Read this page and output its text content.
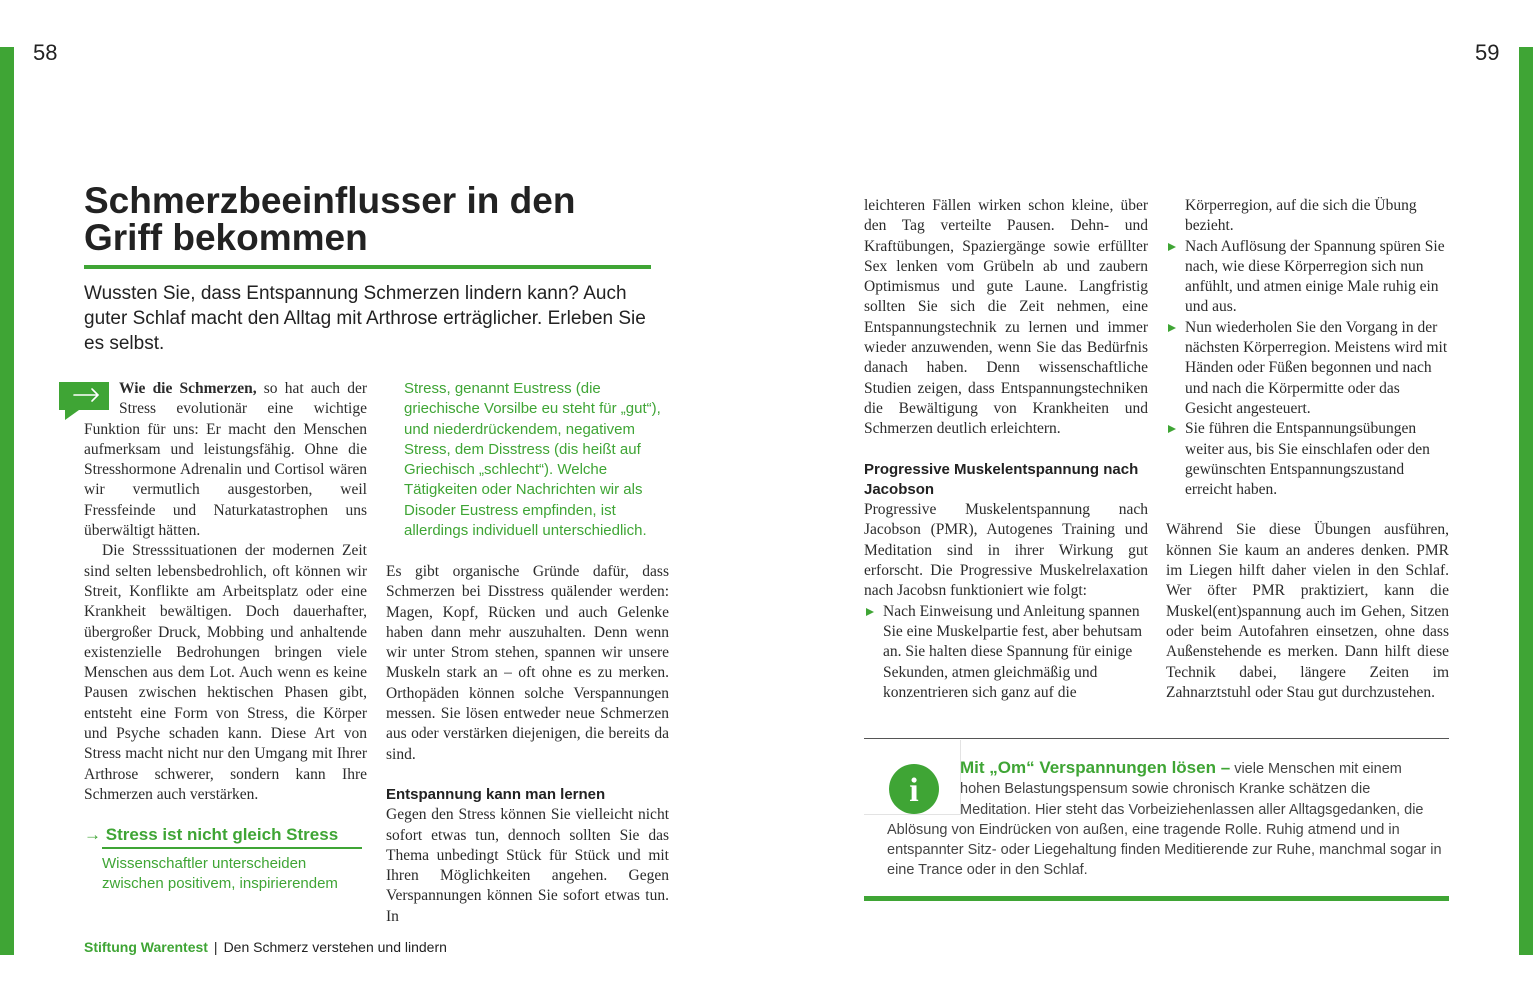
58	59
Schmerzbeeinflusser in den
Griff bekommen
Wussten Sie, dass Entspannung Schmerzen lindern kann? Auch guter Schlaf macht den Alltag mit Arthrose erträglicher. Erleben Sie es selbst.

Wie die Schmerzen, so hat auch der Stress evolutionär eine wichtige Funktion für uns: Er macht den Menschen aufmerksam und leistungsfähig. Ohne die Stresshormone Adrenalin und Cortisol wären wir vermutlich ausgestorben, weil Fressfeinde und Naturkatastrophen uns überwältigt hätten.

Die Stresssituationen der modernen Zeit sind selten lebensbedrohlich, oft können wir Streit, Konflikte am Arbeitsplatz oder eine Krankheit bewältigen. Doch dauerhafter, übergroßer Druck, Mobbing und anhaltende existenzielle Bedrohungen bringen viele Menschen aus dem Lot. Auch wenn es keine Pausen zwischen hektischen Phasen gibt, entsteht eine Form von Stress, die Körper und Psyche schaden kann. Diese Art von Stress macht nicht nur den Umgang mit Ihrer Arthrose schwerer, sondern kann Ihre Schmerzen auch verstärken.

→ Stress ist nicht gleich Stress
Wissenschaftler unterscheiden zwischen positivem, inspirierendem
Stress, genannt Eustress (die griechische Vorsilbe eu steht für „gut“), und niederdrückendem, negativem Stress, dem Disstress (dis heißt auf Griechisch „schlecht“). Welche Tätigkeiten oder Nachrichten wir als Disoder Eustress empfinden, ist allerdings individuell unterschiedlich.

Es gibt organische Gründe dafür, dass Schmerzen bei Disstress quälender werden: Magen, Kopf, Rücken und auch Gelenke haben dann mehr auszuhalten. Denn wenn wir unter Strom stehen, spannen wir unsere Muskeln stark an – oft ohne es zu merken. Orthopäden können solche Verspannungen messen. Sie lösen entweder neue Schmerzen aus oder verstärken diejenigen, die bereits da sind.

Entspannung kann man lernen

Gegen den Stress können Sie vielleicht nicht sofort etwas tun, dennoch sollten Sie das Thema unbedingt Stück für Stück und mit Ihren Möglichkeiten angehen. Gegen Verspannungen können Sie sofort etwas tun. In

leichteren Fällen wirken schon kleine, über den Tag verteilte Pausen. Dehn- und Kraftübungen, Spaziergänge sowie erfüllter Sex lenken vom Grübeln ab und zaubern Optimismus und gute Laune. Langfristig sollten Sie sich die Zeit nehmen, eine Entspannungstechnik zu lernen und immer wieder anzuwenden, wenn Sie das Bedürfnis danach haben. Denn wissenschaftliche Studien zeigen, dass Entspannungstechniken die Bewältigung von Krankheiten und Schmerzen deutlich erleichtern.

Progressive Muskelentspannung nach Jacobson

Progressive Muskelentspannung nach Jacobson (PMR), Autogenes Training und Meditation sind in ihrer Wirkung gut erforscht. Die Progressive Muskelrelaxation nach Jacobsn funktioniert wie folgt:

Nach Einweisung und Anleitung spannen Sie eine Muskelpartie fest, aber behutsam an. Sie halten diese Spannung für einige Sekunden, atmen gleichmäßig und konzentrieren sich ganz auf die
Körperregion, auf die sich die Übung bezieht.
Nach Auflösung der Spannung spüren Sie nach, wie diese Körperregion sich nun anfühlt, und atmen einige Male ruhig ein und aus.
Nun wiederholen Sie den Vorgang in der nächsten Körperregion. Meistens wird mit Händen oder Füßen begonnen und nach und nach die Körpermitte oder das Gesicht angesteuert.
Sie führen die Entspannungsübungen weiter aus, bis Sie einschlafen oder den gewünschten Entspannungszustand erreicht haben.

Während Sie diese Übungen ausführen, können Sie kaum an anderes denken. PMR im Liegen hilft daher vielen in den Schlaf. Wer öfter PMR praktiziert, kann die Muskel(ent)spannung auch im Gehen, Sitzen oder beim Autofahren einsetzen, ohne dass Außenstehende es merken. Dann hilft diese Technik dabei, längere Zeiten im Zahnarztstuhl oder Stau gut durchzustehen.

i
Mit „Om“ Verspannungen lösen – viele Menschen mit einem hohen Belastungspensum sowie chronisch Kranke schätzen die Meditation. Hier steht das Vorbeiziehenlassen aller Alltagsgedanken, die Ablösung von Eindrücken von außen, eine tragende Rolle. Ruhig atmend und in entspannter Sitz- oder Liegehaltung finden Meditierende zur Ruhe, manchmal sogar in eine Trance oder in den Schlaf.
Stiftung Warentest | Den Schmerz verstehen und lindern
